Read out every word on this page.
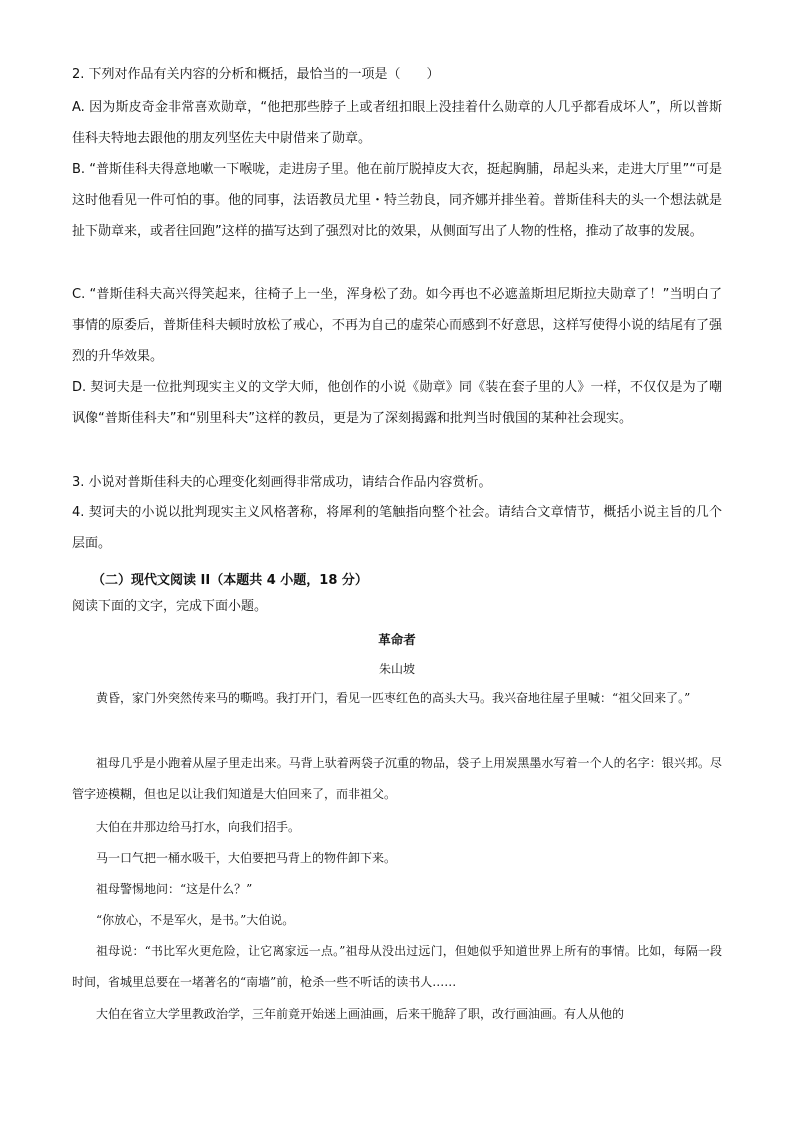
2. 下列对作品有关内容的分析和概括，最恰当的一项是（　　）
A. 因为斯皮奇金非常喜欢勋章，“他把那些脖子上或者纽扣眼上没挂着什么勋章的人几乎都看成坏人”，所以普斯佳科夫特地去跟他的朋友列坚佐夫中尉借来了勋章。
B. “普斯佳科夫得意地嗽一下喉咙，走进房子里。他在前厅脱掉皮大衣，挺起胸脯，昂起头来，走进大厅里”“可是这时他看见一件可怕的事。他的同事，法语教员尤里・特兰勃良，同齐娜并排坐着。普斯佳科夫的头一个想法就是扯下勋章来，或者往回跑”这样的描写达到了强烈对比的效果，从侧面写出了人物的性格，推动了故事的发展。
C. “普斯佳科夫高兴得笑起来，往椅子上一坐，浑身松了劲。如今再也不必遮盖斯坦尼斯拉夫勋章了！”当明白了事情的原委后，普斯佳科夫顿时放松了戒心，不再为自己的虚荣心而感到不好意思，这样写使得小说的结尾有了强烈的升华效果。
D. 契诃夫是一位批判现实主义的文学大师，他创作的小说《勋章》同《装在套子里的人》一样，不仅仅是为了嘲讽像“普斯佳科夫”和“别里科夫”这样的教员，更是为了深刻揭露和批判当时俄国的某种社会现实。
3. 小说对普斯佳科夫的心理变化刻画得非常成功，请结合作品内容赏析。
4. 契诃夫的小说以批判现实主义风格著称，将犀利的笔触指向整个社会。请结合文章情节，概括小说主旨的几个层面。
（二）现代文阅读 II（本题共 4 小题，18 分）
阅读下面的文字，完成下面小题。
革命者
朱山坡
黄昏，家门外突然传来马的嘶鸣。我打开门，看见一匹枣红色的高头大马。我兴奋地往屋子里喊：“祖父回来了。”
祖母几乎是小跑着从屋子里走出来。马背上驮着两袋子沉重的物品，袋子上用炭黑墨水写着一个人的名字：银兴邦。尽管字迹模糊，但也足以让我们知道是大伯回来了，而非祖父。
大伯在井那边给马打水，向我们招手。
马一口气把一桶水吸干，大伯要把马背上的物件卸下来。
祖母警惕地问：“这是什么？”
“你放心，不是军火，是书。”大伯说。
祖母说：“书比军火更危险，让它离家远一点。”祖母从没出过远门，但她似乎知道世界上所有的事情。比如，每隔一段时间，省城里总要在一堵著名的“南墙”前，枪杀一些不听话的读书人……
大伯在省立大学里教政治学，三年前竟开始迷上画油画，后来干脆辞了职，改行画油画。有人从他的
